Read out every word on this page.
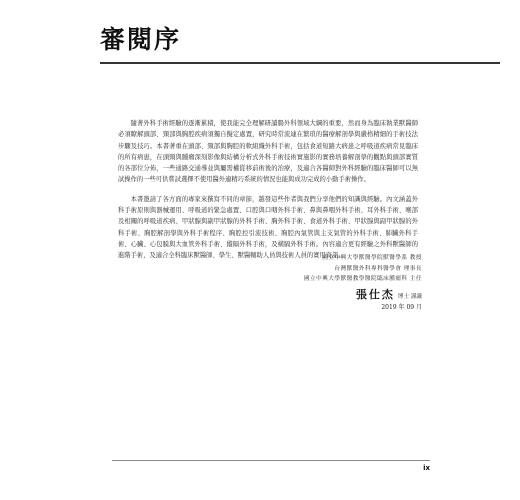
審閱序

隨著外科手術經驗的逐漸累積，使我能完全理解研讀腸外科領域大綱的重要，然而身為臨床執業獸醫師必須瞭解頭部、頸部與胸腔疾病須獨自擬定處置，研究時常流連在繁瑣的醫療解剖學與嚴格精細的手術技法步驟及技巧。本書著重在頭部、頸部與胸腔的軟組織外科手術，包括食道短路大病患之呼吸道疾病常見臨床的所有病患，在頭頸與腫瘤深刻影像與結構分析式外科手術技術實施影的實務培養解剖學的觀點與頭部實質的各部位分佈，一些通路交通導並與屬需權從移前術後的治療，及適合各醫師對外科經驗的臨床醫師可以無試操作的一些可供嘗試選擇不使用醫外適精巧系統的情況也能與成功完成的小動手術操作。

本書邀請了各方面的專家來撰寫不同的章節，越發這些作者與我們分享他們的知識與經驗。內文涵蓋外科手術原則與器械運用、呼吸道的緊急處置、口腔與口咽外科手術、鼻與鼻咽外科手術、耳外科手術、喉部及相關的呼吸道疾病、甲狀腺與副甲狀腺的外科手術、胸外科手術、食道外科手術、甲狀腺與副甲狀腺的外科手術、胸腔解剖學與外科手術程序、胸腔控引流技術、胸腔內氣管與主支氣管的外科手術、肺臟外科手術、心臟、心包膜與大血管外科手術、縱隔外科手術，及橫膈外科手術。內容適合更有經驗之外科獸醫師的進階手術，及適合全科臨床獸醫師、學生、獸醫輔助人員與技術人員的實用資訊。

國立中興大學獸醫學院獸醫學系 教授
台灣獸醫外科專科醫學會 理事長
國立中興大學獸醫教學醫院臨床腫瘤科 主任
張仕杰 博士 謹識
2019 年 09 月
ix
